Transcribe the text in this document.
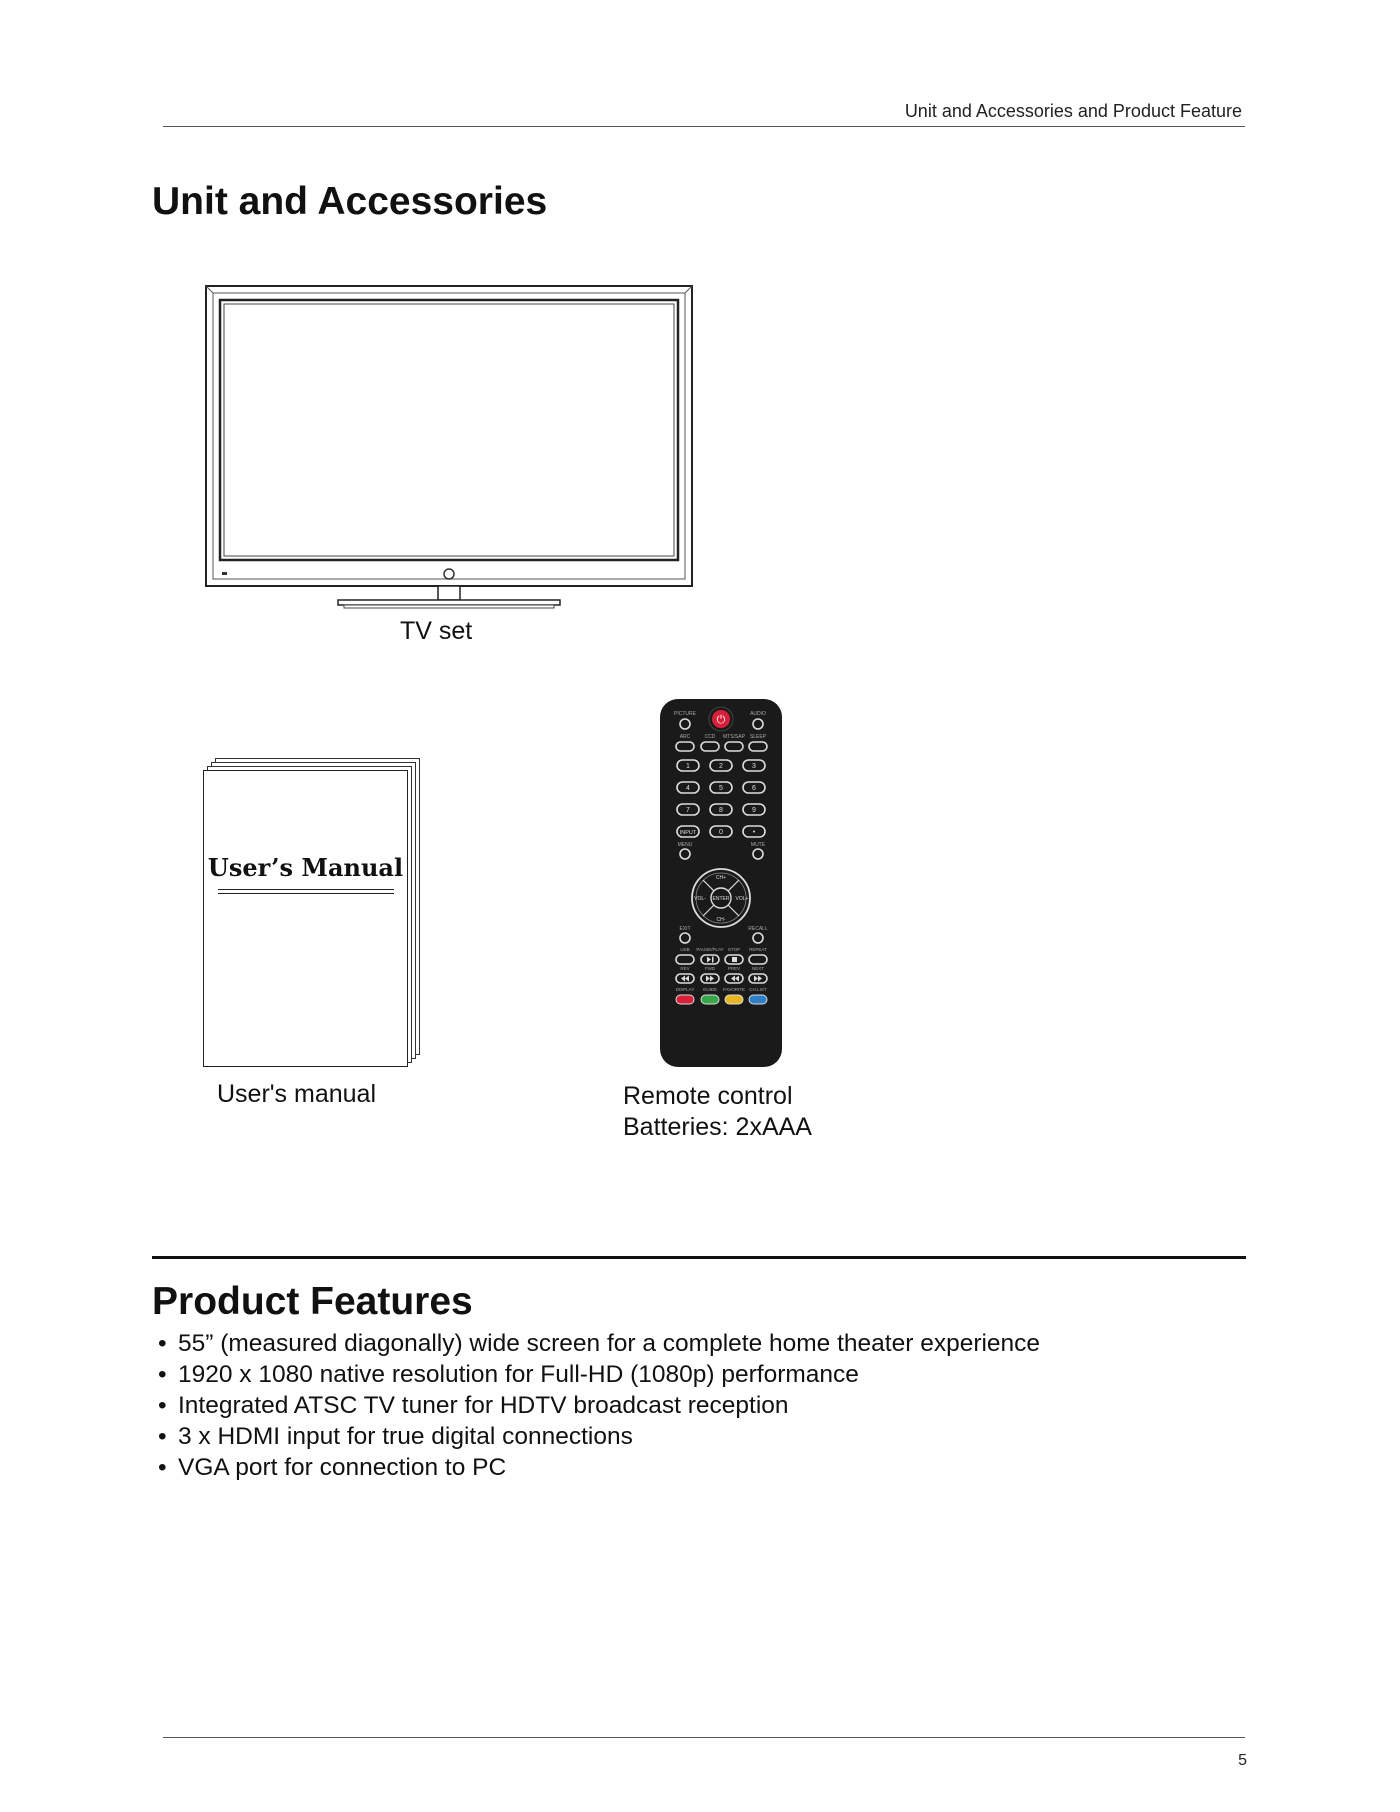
Unit and Accessories and Product Feature
Unit and Accessories
TV set
User’s Manual
User's manual
⏻
PICTURE	AUDIO
ARC	CCD MTS/SAP SLEEP
1	2	3
4	5	6
7	8	9
INPUT	0	•
MENU	MUTE
ENTER
CH+
CH-
VOL-	VOL+
EXIT	RECALL
USB PAUSE/PLAY STOP REPEAT
REV	FWD	PREV	NEXT
DISPLAY GUIDE FAVORITE CH.LIST
Remote control
Batteries: 2xAAA
Product Features
• 55” (measured diagonally) wide screen for a complete home theater experience
• 1920 x 1080 native resolution for Full-HD (1080p) performance
• Integrated ATSC TV tuner for HDTV broadcast reception
• 3 x HDMI input for true digital connections
• VGA port for connection to PC
5
